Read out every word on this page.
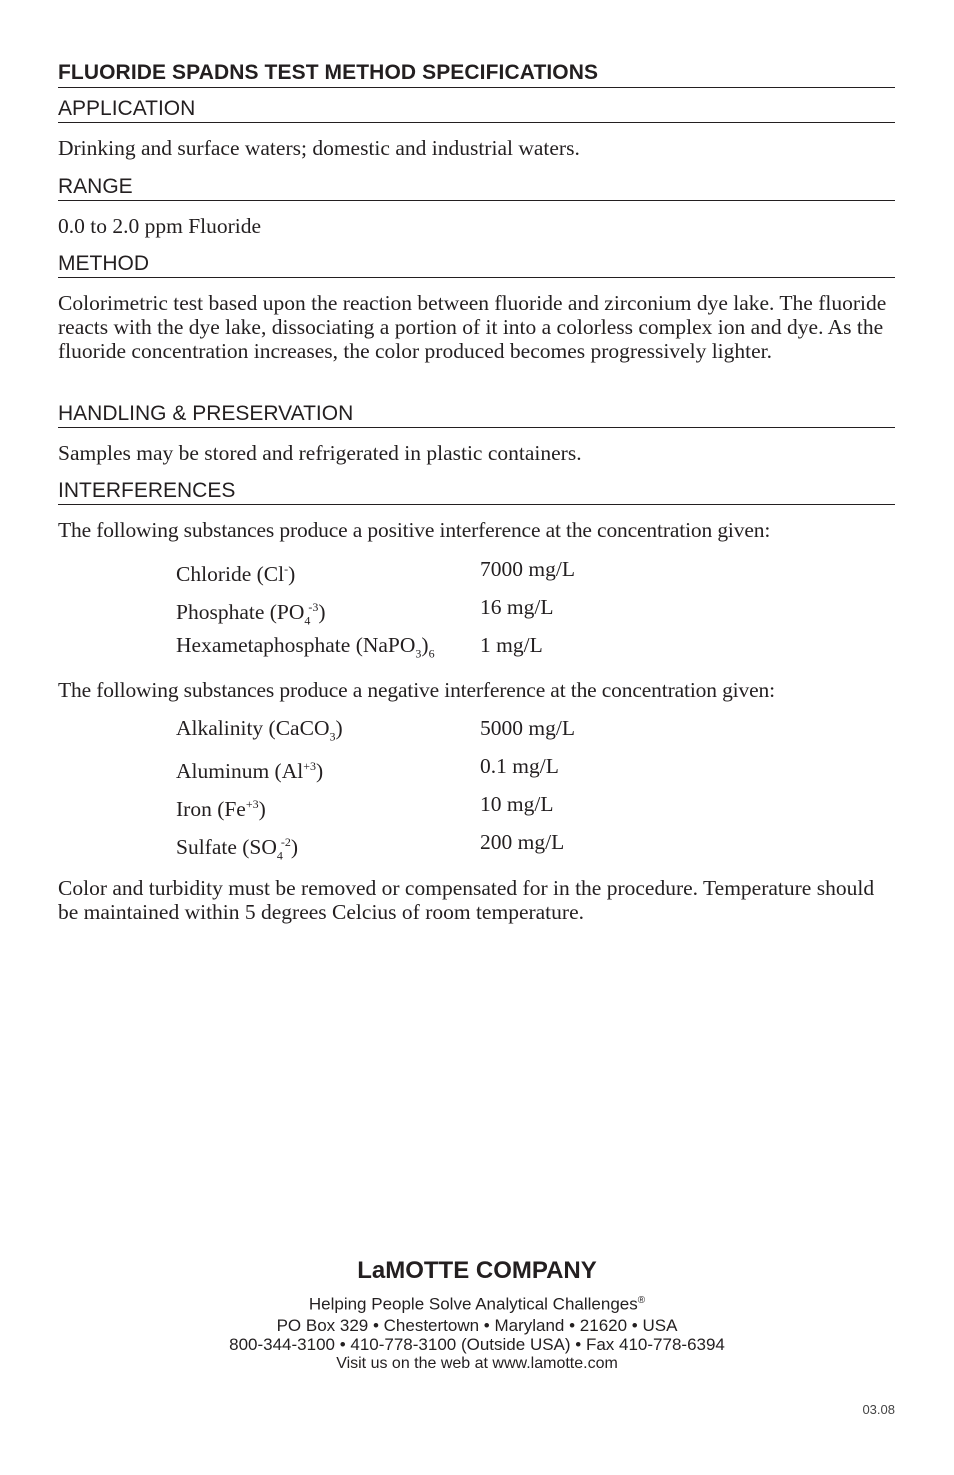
FLUORIDE SPADNS TEST METHOD SPECIFICATIONS
APPLICATION

Drinking and surface waters; domestic and industrial waters.

RANGE

0.0 to 2.0 ppm Fluoride

METHOD

Colorimetric test based upon the reaction between fluoride and zirconium dye lake. The fluoride reacts with the dye lake, dissociating a portion of it into a colorless complex ion and dye. As the fluoride concentration increases, the color produced becomes progressively lighter.

HANDLING & PRESERVATION

Samples may be stored and refrigerated in plastic containers.

INTERFERENCES

The following substances produce a positive interference at the concentration given:

Chloride (Cl-)	7000 mg/L
Phosphate $(PO_4^{-3})$	16 mg/L
Hexametaphosphate $(NaPO_3)_6$ 1 mg/L

The following substances produce a negative interference at the concentration given:

Alkalinity (CaCO$_3$)	5000 mg/L
Aluminum $(Al^{+3})$	0.1 mg/L
Iron $(Fe^{+3})$	10 mg/L
Sulfate $(SO_4^{-2})$	200 mg/L

Color and turbidity must be removed or compensated for in the procedure. Temperature should be maintained within 5 degrees Celcius of room temperature.

LaMOTTE COMPANY
Helping People Solve Analytical Challenges®
PO Box 329 • Chestertown • Maryland • 21620 • USA
800-344-3100 • 410-778-3100 (Outside USA) • Fax 410-778-6394
Visit us on the web at www.lamotte.com
03.08
